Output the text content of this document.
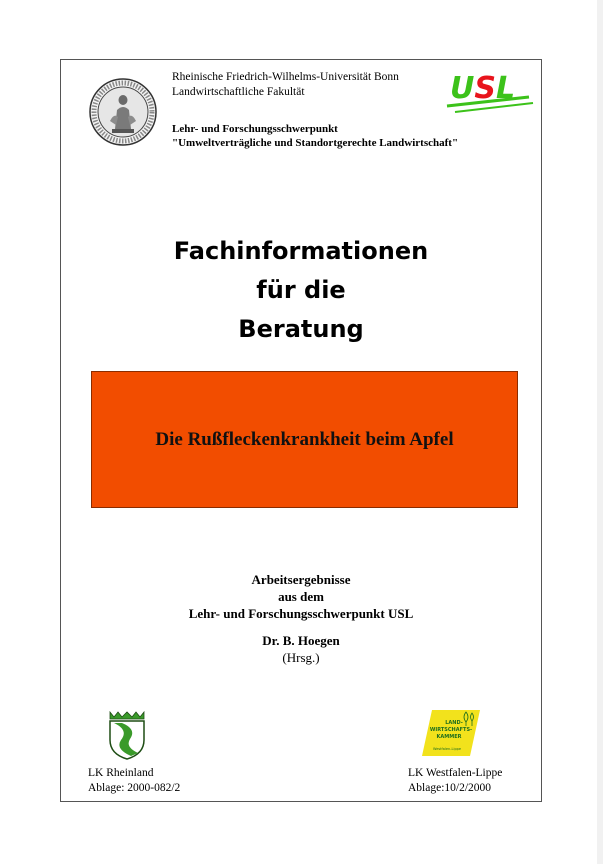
Rheinische Friedrich-Wilhelms-Universität Bonn
Landwirtschaftliche Fakultät	USL
Lehr- und Forschungsschwerpunkt
"Umweltverträgliche und Standortgerechte Landwirtschaft"
Fachinformationen
für die
Beratung
Die Rußfleckenkrankheit beim Apfel
Arbeitsergebnisse
aus dem
Lehr- und Forschungsschwerpunkt USL
Dr. B. Hoegen
(Hrsg.)
LAND-
WIRTSCHAFTS-
KAMMER
Westfalen-Lippe
LK Rheinland
Ablage: 2000-082/2
LK Westfalen-Lippe
Ablage:10/2/2000
